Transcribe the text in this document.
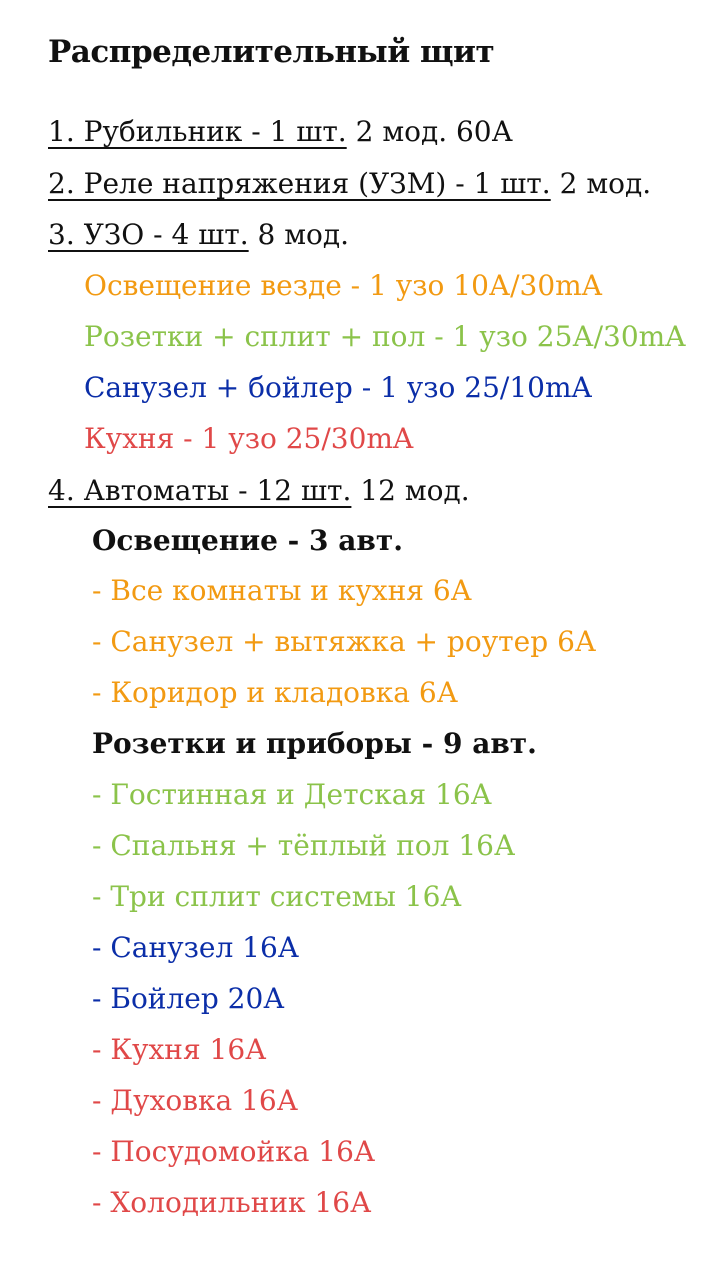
Распределительный щит
1. Рубильник - 1 шт. 2 мод. 60А
2. Реле напряжения (УЗМ) - 1 шт. 2 мод.
3. УЗО - 4 шт. 8 мод.
Освещение везде - 1 узо 10А/30mA
Розетки + сплит + пол - 1 узо 25А/30mA
Санузел + бойлер - 1 узо 25/10mA
Кухня - 1 узо 25/30mA
4. Автоматы - 12 шт. 12 мод.
Освещение - 3 авт.
- Все комнаты и кухня 6А
- Санузел + вытяжка + роутер 6А
- Коридор и кладовка 6А
Розетки и приборы - 9 авт.
- Гостинная и Детская 16А
- Спальня + тёплый пол 16А
- Три сплит системы 16А
- Санузел 16А
- Бойлер 20А
- Кухня 16А
- Духовка 16А
- Посудомойка 16А
- Холодильник 16А
